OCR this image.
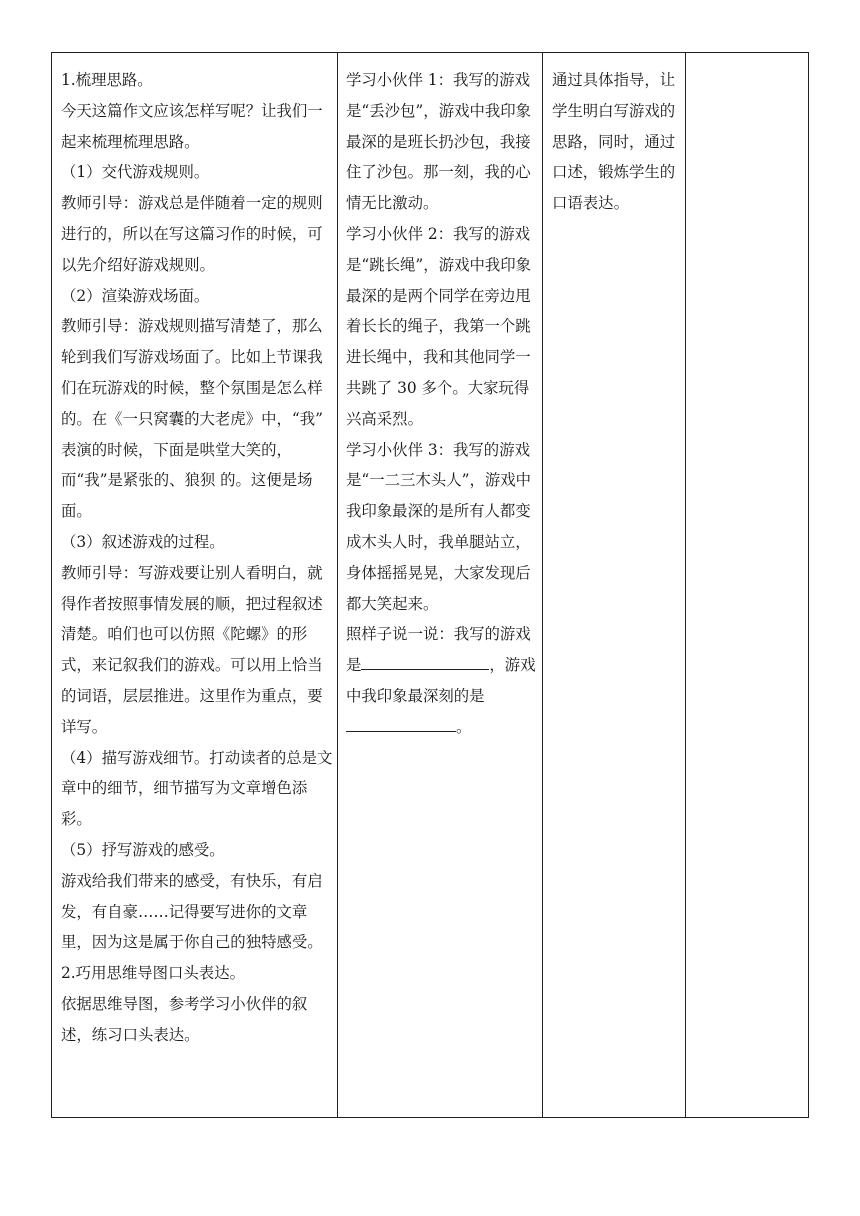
1.梳理思路。

今天这篇作文应该怎样写呢？让我们一起来梳理梳理思路。

（1）交代游戏规则。

教师引导：游戏总是伴随着一定的规则进行的，所以在写这篇习作的时候，可以先介绍好游戏规则。

（2）渲染游戏场面。

教师引导：游戏规则描写清楚了，那么轮到我们写游戏场面了。比如上节课我们在玩游戏的时候，整个氛围是怎么样的。在《一只窝囊的大老虎》中，“我” 表演的时候，下面是哄堂大笑的，而“我”是紧张的、狼狈 的。这便是场面。

（3）叙述游戏的过程。

教师引导：写游戏要让别人看明白，就得作者按照事情发展的顺，把过程叙述清楚。咱们也可以仿照《陀螺》的形式，来记叙我们的游戏。可以用上恰当的词语，层层推进。这里作为重点，要详写。

（4）描写游戏细节。打动读者的总是文章中的细节，细节描写为文章增色添彩。

（5）抒写游戏的感受。

游戏给我们带来的感受，有快乐，有启发，有自豪……记得要写进你的文章里，因为这是属于你自己的独特感受。

2.巧用思维导图口头表达。

依据思维导图，参考学习小伙伴的叙述，练习口头表达。

学习小伙伴 1：我写的游戏是“丢沙包”，游戏中我印象最深的是班长扔沙包，我接住了沙包。那一刻，我的心情无比激动。

学习小伙伴 2：我写的游戏是“跳长绳”，游戏中我印象最深的是两个同学在旁边甩着长长的绳子，我第一个跳进长绳中，我和其他同学一共跳了 30 多个。大家玩得兴高采烈。

学习小伙伴 3：我写的游戏是“一二三木头人”，游戏中我印象最深的是所有人都变成木头人时，我单腿站立，身体摇摇晃晃，大家发现后都大笑起来。

照样子说一说：我写的游戏是	，游戏中我印象最深刻的是。

通过具体指导，让学生明白写游戏的思路，同时，通过口述，锻炼学生的口语表达。
